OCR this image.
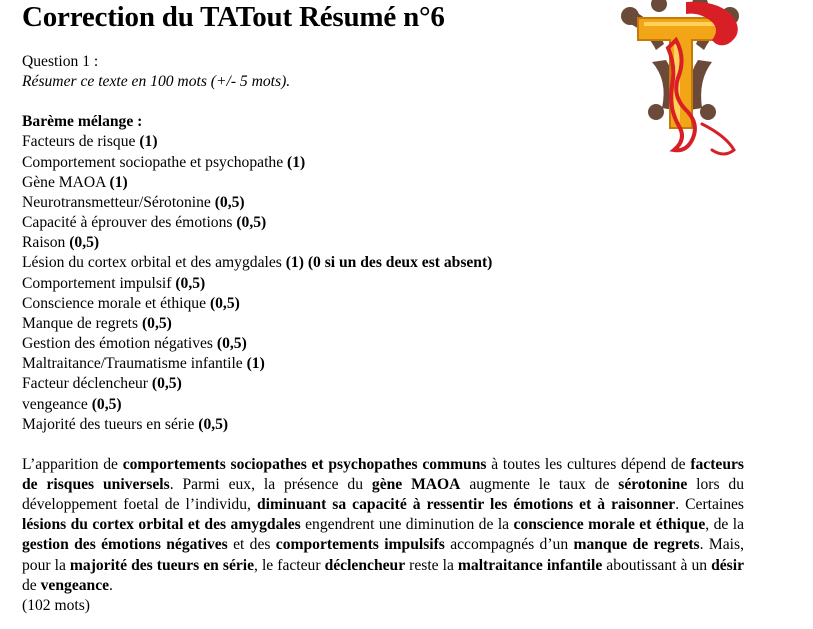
Correction du TATout Résumé n°6
Question 1 :
Résumer ce texte en 100 mots (+/- 5 mots).
Barème mélange :
Facteurs de risque (1)
Comportement sociopathe et psychopathe (1)
Gène MAOA (1)
Neurotransmetteur/Sérotonine (0,5)
Capacité à éprouver des émotions (0,5)
Raison (0,5)
Lésion du cortex orbital et des amygdales (1) (0 si un des deux est absent)
Comportement impulsif (0,5)
Conscience morale et éthique (0,5)
Manque de regrets (0,5)
Gestion des émotion négatives (0,5)
Maltraitance/Traumatisme infantile (1)
Facteur déclencheur (0,5)
vengeance (0,5)
Majorité des tueurs en série (0,5)

L’apparition de comportements sociopathes et psychopathes communs à toutes les cultures dépend de facteurs de risques universels. Parmi eux, la présence du gène MAOA augmente le taux de sérotonine lors du développement foetal de l’individu, diminuant sa capacité à ressentir les émotions et à raisonner. Certaines lésions du cortex orbital et des amygdales engendrent une diminution de la conscience morale et éthique, de la gestion des émotions négatives et des comportements impulsifs accompagnés d’un manque de regrets. Mais, pour la majorité des tueurs en série, le facteur déclencheur reste la maltraitance infantile aboutissant à un désir de vengeance.

(102 mots)
